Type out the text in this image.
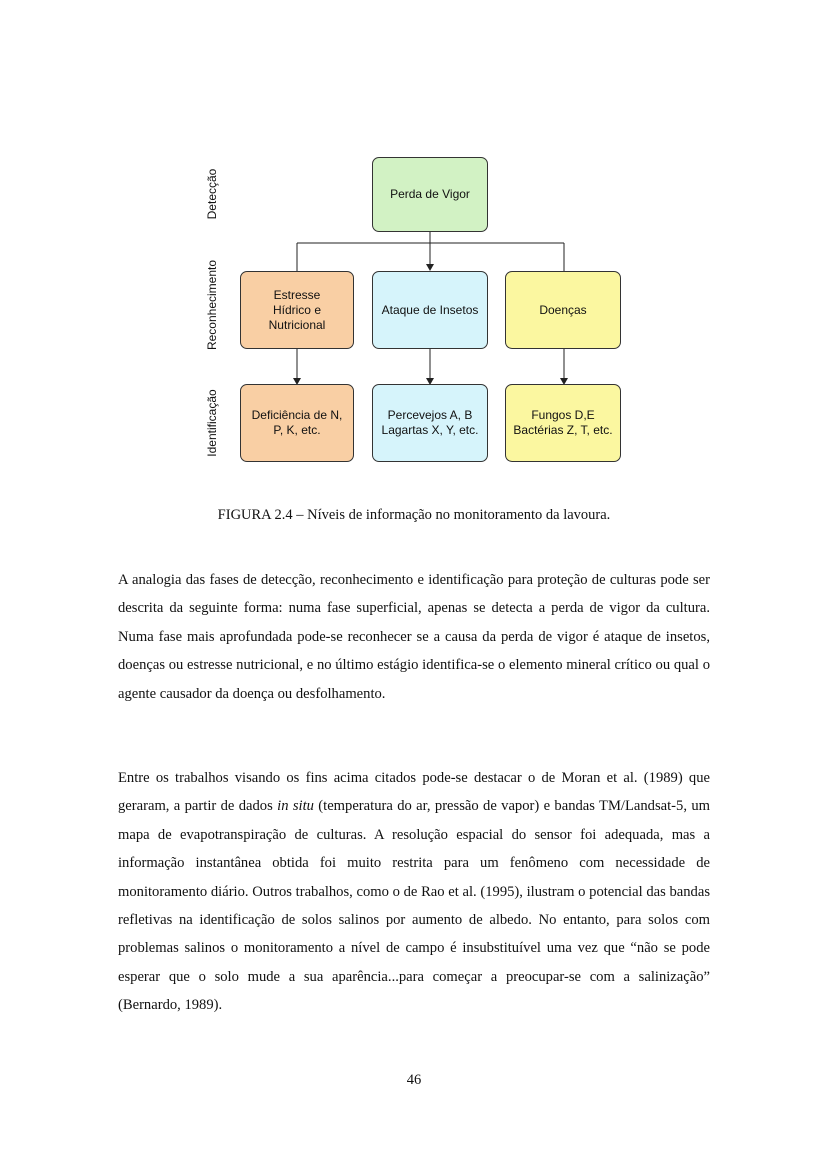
Detecção
Reconhecimento
Identificação
Perda de Vigor
Estresse
Hídrico e
Nutricional
Ataque de Insetos	Doenças
Deficiência de N,
P, K, etc.
Percevejos A, B
Lagartas X, Y, etc.
Fungos D,E
Bactérias Z, T, etc.
FIGURA 2.4 – Níveis de informação no monitoramento da lavoura.

A analogia das fases de detecção, reconhecimento e identificação para proteção de culturas pode ser descrita da seguinte forma: numa fase superficial, apenas se detecta a perda de vigor da cultura. Numa fase mais aprofundada pode-se reconhecer se a causa da perda de vigor é ataque de insetos, doenças ou estresse nutricional, e no último estágio identifica-se o elemento mineral crítico ou qual o agente causador da doença ou desfolhamento.

Entre os trabalhos visando os fins acima citados pode-se destacar o de Moran et al. (1989) que geraram, a partir de dados in situ (temperatura do ar, pressão de vapor) e bandas TM/Landsat-5, um mapa de evapotranspiração de culturas. A resolução espacial do sensor foi adequada, mas a informação instantânea obtida foi muito restrita para um fenômeno com necessidade de monitoramento diário. Outros trabalhos, como o de Rao et al. (1995), ilustram o potencial das bandas refletivas na identificação de solos salinos por aumento de albedo. No entanto, para solos com problemas salinos o monitoramento a nível de campo é insubstituível uma vez que “não se pode esperar que o solo mude a sua aparência...para começar a preocupar-se com a salinização” (Bernardo, 1989).

46
